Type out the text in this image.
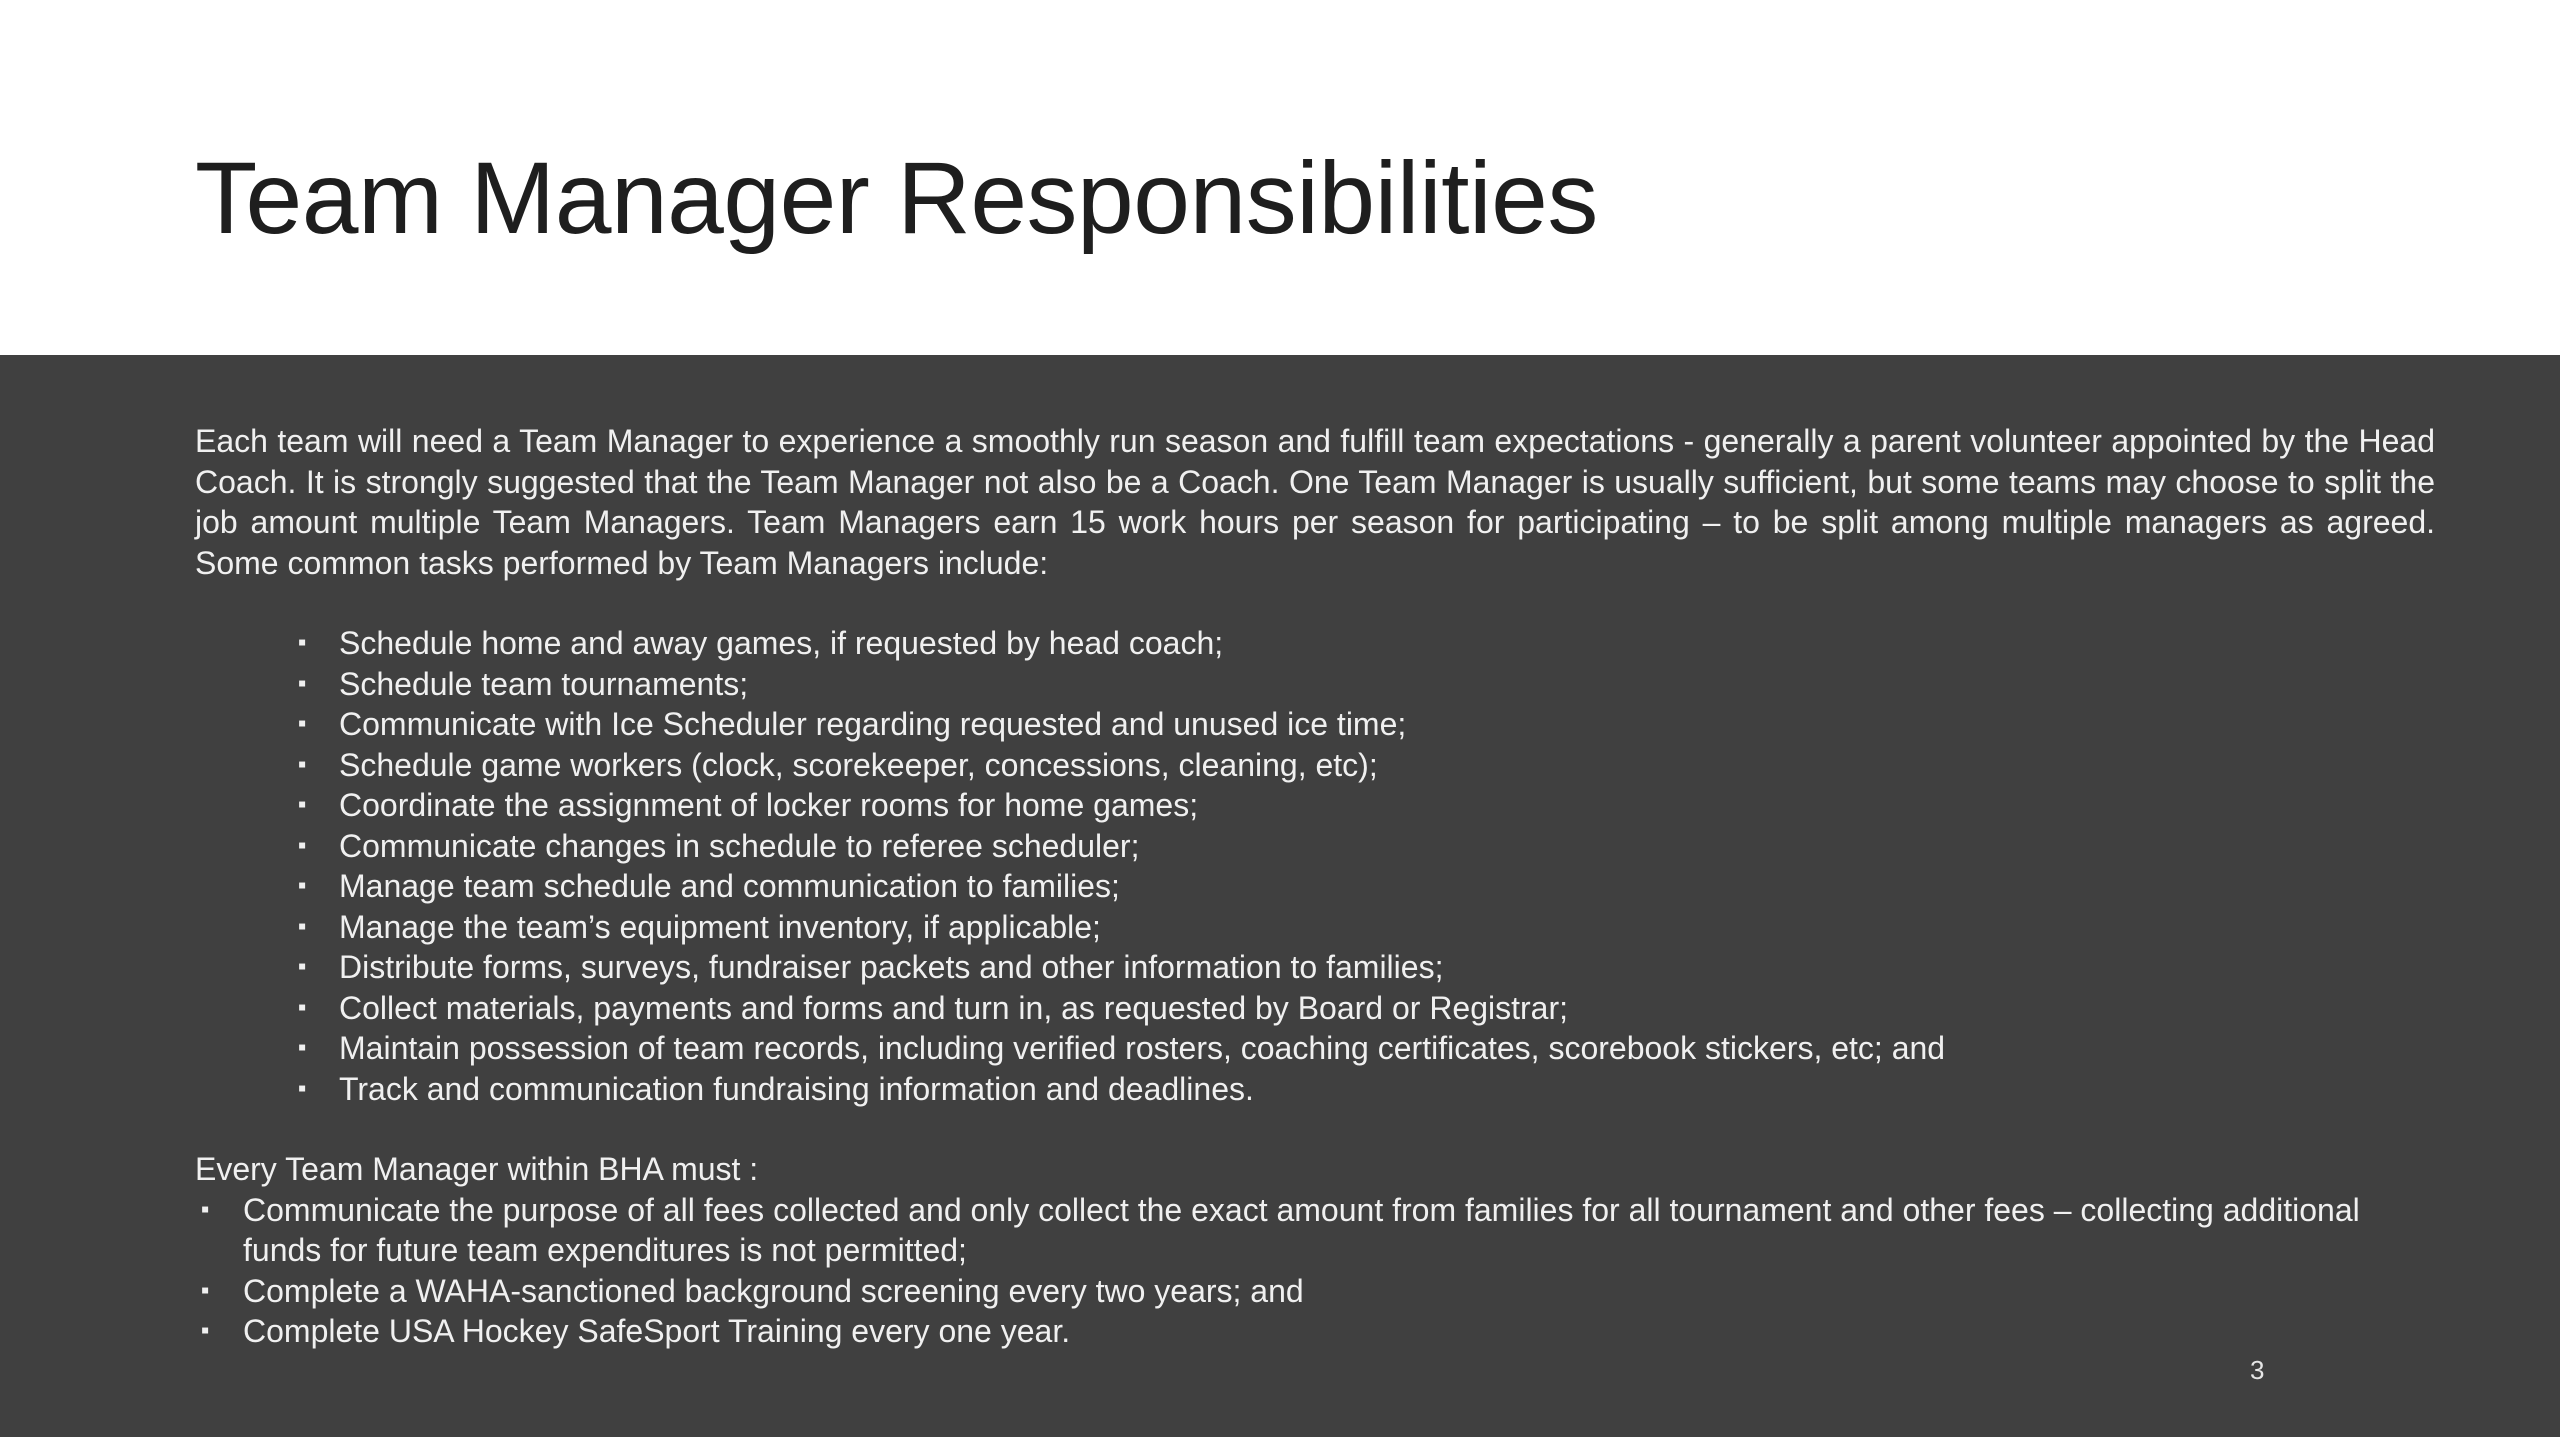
Team Manager Responsibilities

Each team will need a Team Manager to experience a smoothly run season and fulfill team expectations - generally a parent volunteer appointed by the Head Coach. It is strongly suggested that the Team Manager not also be a Coach. One Team Manager is usually sufficient, but some teams may choose to split the job amount multiple Team Managers. Team Managers earn 15 work hours per season for participating – to be split among multiple managers as agreed. Some common tasks performed by Team Managers include:

▪ Schedule home and away games, if requested by head coach;
▪ Schedule team tournaments;
▪ Communicate with Ice Scheduler regarding requested and unused ice time;
▪ Schedule game workers (clock, scorekeeper, concessions, cleaning, etc);
▪ Coordinate the assignment of locker rooms for home games;
▪ Communicate changes in schedule to referee scheduler;
▪ Manage team schedule and communication to families;
▪ Manage the team’s equipment inventory, if applicable;
▪ Distribute forms, surveys, fundraiser packets and other information to families;
▪ Collect materials, payments and forms and turn in, as requested by Board or Registrar;
▪ Maintain possession of team records, including verified rosters, coaching certificates, scorebook stickers, etc; and
▪ Track and communication fundraising information and deadlines.

Every Team Manager within BHA must :

▪ Communicate the purpose of all fees collected and only collect the exact amount from families for all tournament and other fees – collecting additional funds for future team expenditures is not permitted;
▪ Complete a WAHA-sanctioned background screening every two years; and
▪ Complete USA Hockey SafeSport Training every one year.
3
